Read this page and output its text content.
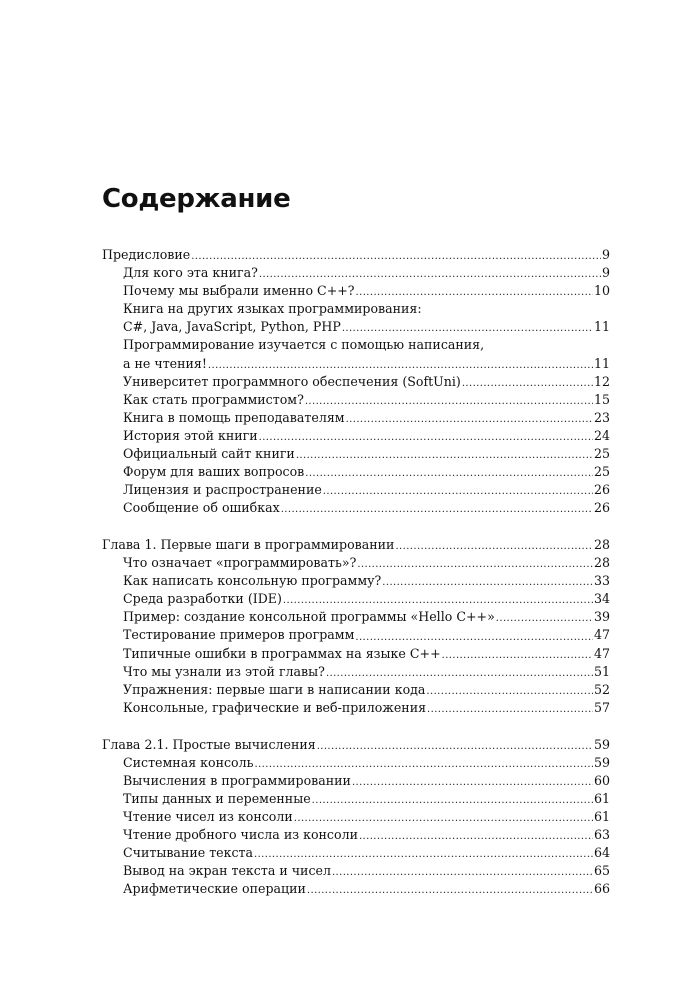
Содержание
Предисловие .....	9
Для кого эта книга? .....	9
Почему мы выбрали именно C++? .....	10
Книга на других языках программирования:
C#, Java, JavaScript, Python, PHP .....	11
Программирование изучается с помощью написания,
а не чтения! .....	11
Университет программного обеспечения (SoftUni) .....	12
Как стать программистом? .....	15
Книга в помощь преподавателям .....	23
История этой книги .....	24
Официальный сайт книги .....	25
Форум для ваших вопросов .....	25
Лицензия и распространение .....	26
Сообщение об ошибках .....	26
Глава 1. Первые шаги в программировании .....	28
Что означает «программировать»? .....	28
Как написать консольную программу? .....	33
Среда разработки (IDE) .....	34
Пример: создание консольной программы «Hello C++» .....	39
Тестирование примеров программ .....	47
Типичные ошибки в программах на языке C++ .....	47
Что мы узнали из этой главы? .....	51
Упражнения: первые шаги в написании кода .....	52
Консольные, графические и веб-приложения .....	57
Глава 2.1. Простые вычисления .....	59
Системная консоль .....	59
Вычисления в программировании .....	60
Типы данных и переменные .....	61
Чтение чисел из консоли .....	61
Чтение дробного числа из консоли .....	63
Считывание текста .....	64
Вывод на экран текста и чисел .....	65
Арифметические операции .....	66
